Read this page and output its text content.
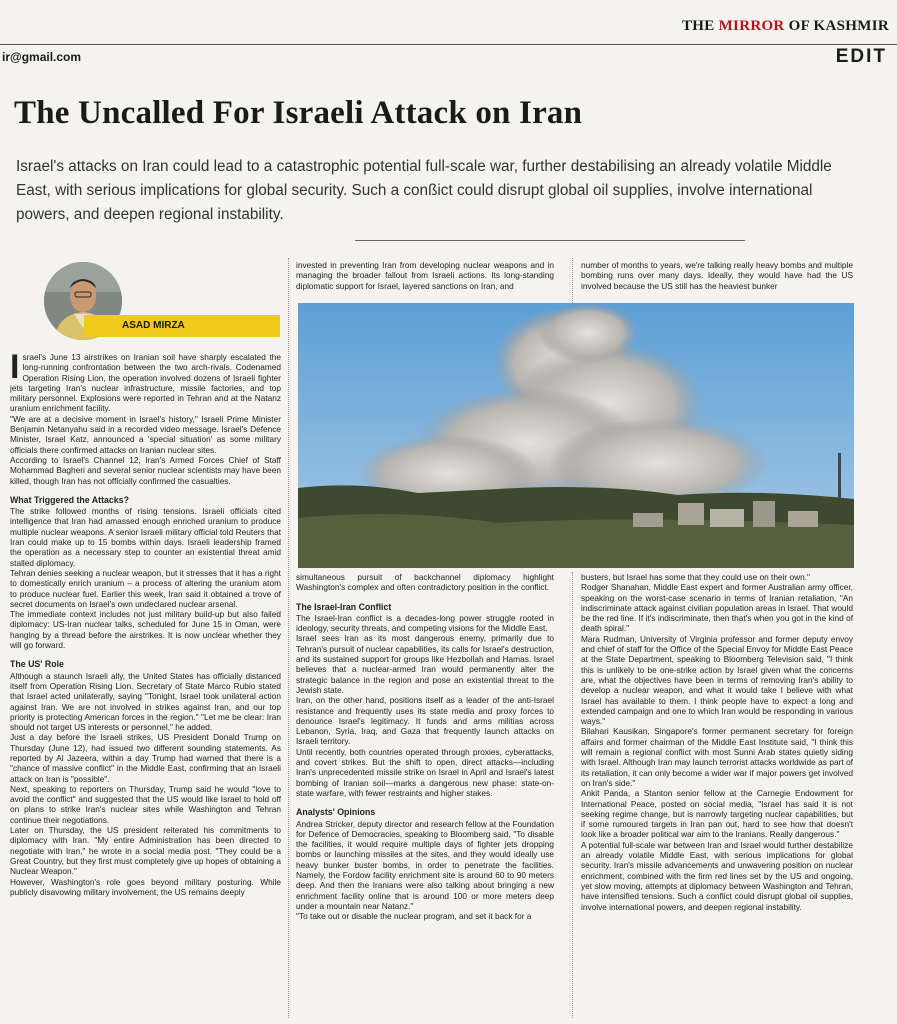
THE MIRROR OF KASHMIR
ir@gmail.com	EDIT
The Uncalled For Israeli Attack on Iran
Israel's attacks on Iran could lead to a catastrophic potential full-scale war, further destabilising an already volatile Middle East, with serious implications for global security. Such a conßict could disrupt global oil supplies, involve international powers, and deepen regional instability.
ASAD MIRZA

Israel's June 13 airstrikes on Iranian soil have sharply escalated the long-running confrontation between the two arch-rivals. Codenamed Operation Rising Lion, the operation involved dozens of Israeli fighter jets targeting Iran's nuclear infrastructure, missile factories, and top military personnel. Explosions were reported in Tehran and at the Natanz uranium enrichment facility.

"We are at a decisive moment in Israel's history," Israeli Prime Minister Benjamin Netanyahu said in a recorded video message. Israel's Defence Minister, Israel Katz, announced a 'special situation' as some military officials there confirmed attacks on Iranian nuclear sites.

According to Israel's Channel 12, Iran's Armed Forces Chief of Staff Mohammad Bagheri and several senior nuclear scientists may have been killed, though Iran has not officially confirmed the casualties.

What Triggered the Attacks?

The strike followed months of rising tensions. Israeli officials cited intelligence that Iran had amassed enough enriched uranium to produce multiple nuclear weapons. A senior Israeli military official told Reuters that Iran could make up to 15 bombs within days. Israeli leadership framed the operation as a necessary step to counter an existential threat amid stalled diplomacy.

Tehran denies seeking a nuclear weapon, but it stresses that it has a right to domestically enrich uranium – a process of altering the uranium atom to produce nuclear fuel. Earlier this week, Iran said it obtained a trove of secret documents on Israel's own undeclared nuclear arsenal.

The immediate context includes not just military build-up but also failed diplomacy: US-Iran nuclear talks, scheduled for June 15 in Oman, were hanging by a thread before the airstrikes. It is now unclear whether they will go forward.

The US' Role

Although a staunch Israeli ally, the United States has officially distanced itself from Operation Rising Lion. Secretary of State Marco Rubio stated that Israel acted unilaterally, saying "Tonight, Israel took unilateral action against Iran. We are not involved in strikes against Iran, and our top priority is protecting American forces in the region." "Let me be clear: Iran should not target US interests or personnel," he added.

Just a day before the Israeli strikes, US President Donald Trump on Thursday (June 12), had issued two different sounding statements. As reported by Al Jazeera, within a day Trump had warned that there is a "chance of massive conflict" in the Middle East, confirming that an Israeli attack on Iran is "possible".

Next, speaking to reporters on Thursday, Trump said he would "love to avoid the conflict" and suggested that the US would like Israel to hold off on plans to strike Iran's nuclear sites while Washington and Tehran continue their negotiations.

Later on Thursday, the US president reiterated his commitments to diplomacy with Iran. "My entire Administration has been directed to negotiate with Iran," he wrote in a social media post. "They could be a Great Country, but they first must completely give up hopes of obtaining a Nuclear Weapon."

However, Washington's role goes beyond military posturing. While publicly disavowing military involvement, the US remains deeply

invested in preventing Iran from developing nuclear weapons and in managing the broader fallout from Israeli actions. Its long-standing diplomatic support for Israel, layered sanctions on Iran, and
number of months to years, we're talking really heavy bombs and multiple bombing runs over many days. Ideally, they would have had the US involved because the US still has the heaviest bunker

simultaneous pursuit of backchannel diplomacy highlight Washington's complex and often contradictory position in the conflict.

The Israel-Iran Conflict

The Israel-Iran conflict is a decades-long power struggle rooted in ideology, security threats, and competing visions for the Middle East.

Israel sees Iran as its most dangerous enemy, primarily due to Tehran's pursuit of nuclear capabilities, its calls for Israel's destruction, and its sustained support for groups like Hezbollah and Hamas. Israel believes that a nuclear-armed Iran would permanently alter the strategic balance in the region and pose an existential threat to the Jewish state.

Iran, on the other hand, positions itself as a leader of the anti-Israel resistance and frequently uses its state media and proxy forces to denounce Israel's legitimacy. It funds and arms militias across Lebanon, Syria, Iraq, and Gaza that frequently launch attacks on Israeli territory.

Until recently, both countries operated through proxies, cyberattacks, and covert strikes. But the shift to open, direct attacks—including Iran's unprecedented missile strike on Israel in April and Israel's latest bombing of Iranian soil—marks a dangerous new phase: state-on-state warfare, with fewer restraints and higher stakes.

Analysts' Opinions

Andrea Stricker, deputy director and research fellow at the Foundation for Defence of Democracies, speaking to Bloomberg said, "To disable the facilities, it would require multiple days of fighter jets dropping bombs or launching missiles at the sites, and they would ideally use heavy bunker buster bombs, in order to penetrate the facilities. Namely, the Fordow facility enrichment site is around 60 to 90 meters deep. And then the Iranians were also talking about bringing a new enrichment facility online that is around 100 or more meters deep under a mountain near Natanz."

"To take out or disable the nuclear program, and set it back for a

busters, but Israel has some that they could use on their own."

Rodger Shanahan, Middle East expert and former Australian army officer, speaking on the worst-case scenario in terms of Iranian retaliation, "An indiscriminate attack against civilian population areas in Israel. That would be the red line. If it's indiscriminate, then that's when you got in the kind of death spiral."

Mara Rudman, University of Virginia professor and former deputy envoy and chief of staff for the Office of the Special Envoy for Middle East Peace at the State Department, speaking to Bloomberg Television said, "I think this is unlikely to be one-strike action by Israel given what the concerns are, what the objectives have been in terms of removing Iran's ability to develop a nuclear weapon, and what it would take I believe with what Israel has available to them. I think people have to expect a long and extended campaign and one to which Iran would be responding in various ways."

Bilahari Kausikan, Singapore's former permanent secretary for foreign affairs and former chairman of the Middle East Institute said, "I think this will remain a regional conflict with most Sunni Arab states quietly siding with Israel. Although Iran may launch terrorist attacks worldwide as part of its retaliation, it can only become a wider war if major powers get involved on Iran's side."

Ankit Panda, a Stanton senior fellow at the Carnegie Endowment for International Peace, posted on social media, "Israel has said it is not seeking regime change, but is narrowly targeting nuclear capabilities, but if some rumoured targets in Iran pan out, hard to see how that doesn't look like a broader political war aim to the Iranians. Really dangerous."

A potential full-scale war between Iran and Israel would further destabilize an already volatile Middle East, with serious implications for global security. Iran's missile advancements and unwavering position on nuclear enrichment, combined with the firm red lines set by the US and ongoing, yet slow moving, attempts at diplomacy between Washington and Tehran, have intensified tensions. Such a conflict could disrupt global oil supplies, involve international powers, and deepen regional instability.
